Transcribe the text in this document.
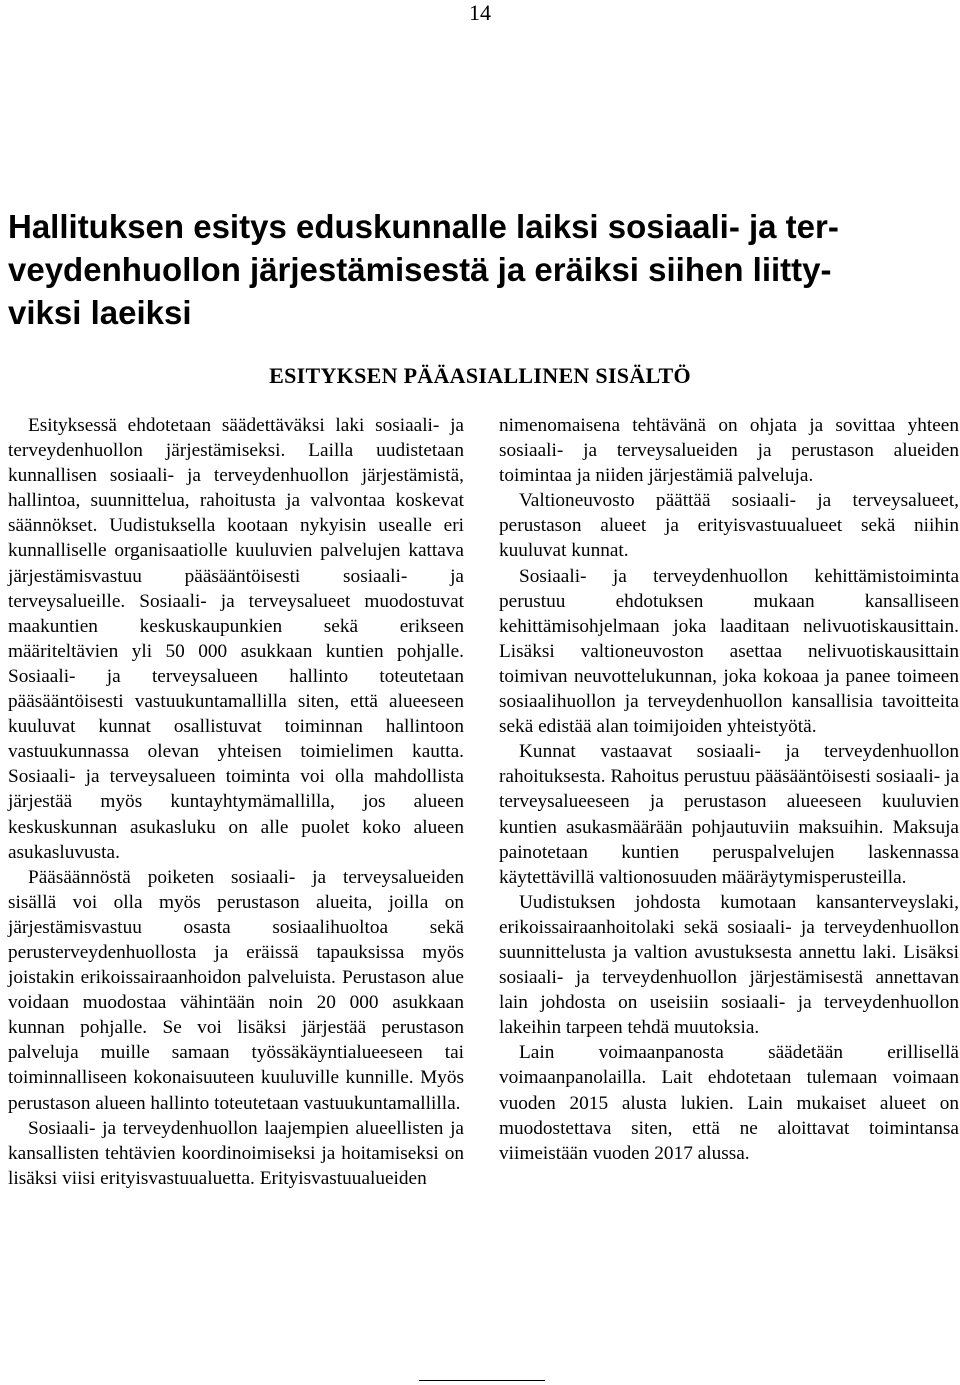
14
Hallituksen esitys eduskunnalle laiksi sosiaali- ja ter-
veydenhuollon järjestämisestä ja eräiksi siihen liitty-
viksi laeiksi
ESITYKSEN PÄÄASIALLINEN SISÄLTÖ

Esityksessä ehdotetaan säädettäväksi laki sosiaali- ja terveydenhuollon järjestämiseksi. Lailla uudistetaan kunnallisen sosiaali- ja terveydenhuollon järjestämistä, hallintoa, suunnittelua, rahoitusta ja valvontaa koskevat säännökset. Uudistuksella kootaan nykyisin usealle eri kunnalliselle organisaatiolle kuuluvien palvelujen kattava järjestämisvastuu pääsääntöisesti sosiaali- ja terveysalueille. Sosiaali- ja terveysalueet muodostuvat maakuntien keskuskaupunkien sekä erikseen määriteltävien yli 50 000 asukkaan kuntien pohjalle. Sosiaali- ja terveysalueen hallinto toteutetaan pääsääntöisesti vastuukuntamallilla siten, että alueeseen kuuluvat kunnat osallistuvat toiminnan hallintoon vastuukunnassa olevan yhteisen toimielimen kautta. Sosiaali- ja terveysalueen toiminta voi olla mahdollista järjestää myös kuntayhtymämallilla, jos alueen keskuskunnan asukasluku on alle puolet koko alueen asukasluvusta.

Pääsäännöstä poiketen sosiaali- ja terveysalueiden sisällä voi olla myös perustason alueita, joilla on järjestämisvastuu osasta sosiaalihuoltoa sekä perusterveydenhuollosta ja eräissä tapauksissa myös joistakin erikoissairaanhoidon palveluista. Perustason alue voidaan muodostaa vähintään noin 20 000 asukkaan kunnan pohjalle. Se voi lisäksi järjestää perustason palveluja muille samaan työssäkäyntialueeseen tai toiminnalliseen kokonaisuuteen kuuluville kunnille. Myös perustason alueen hallinto toteutetaan vastuukuntamallilla.

Sosiaali- ja terveydenhuollon laajempien alueellisten ja kansallisten tehtävien koordinoimiseksi ja hoitamiseksi on lisäksi viisi erityisvastuualuetta. Erityisvastuualueiden

nimenomaisena tehtävänä on ohjata ja sovittaa yhteen sosiaali- ja terveysalueiden ja perustason alueiden toimintaa ja niiden järjestämiä palveluja.

Valtioneuvosto päättää sosiaali- ja terveysalueet, perustason alueet ja erityisvastuualueet sekä niihin kuuluvat kunnat.

Sosiaali- ja terveydenhuollon kehittämistoiminta perustuu ehdotuksen mukaan kansalliseen kehittämisohjelmaan joka laaditaan nelivuotiskausittain. Lisäksi valtioneuvoston asettaa nelivuotiskausittain toimivan neuvottelukunnan, joka kokoaa ja panee toimeen sosiaalihuollon ja terveydenhuollon kansallisia tavoitteita sekä edistää alan toimijoiden yhteistyötä.

Kunnat vastaavat sosiaali- ja terveydenhuollon rahoituksesta. Rahoitus perustuu pääsääntöisesti sosiaali- ja terveysalueeseen ja perustason alueeseen kuuluvien kuntien asukasmäärään pohjautuviin maksuihin. Maksuja painotetaan kuntien peruspalvelujen laskennassa käytettävillä valtionosuuden määräytymisperusteilla.

Uudistuksen johdosta kumotaan kansanterveyslaki, erikoissairaanhoitolaki sekä sosiaali- ja terveydenhuollon suunnittelusta ja valtion avustuksesta annettu laki. Lisäksi sosiaali- ja terveydenhuollon järjestämisestä annettavan lain johdosta on useisiin sosiaali- ja terveydenhuollon lakeihin tarpeen tehdä muutoksia.

Lain voimaanpanosta säädetään erillisellä voimaanpanolailla. Lait ehdotetaan tulemaan voimaan vuoden 2015 alusta lukien. Lain mukaiset alueet on muodostettava siten, että ne aloittavat toimintansa viimeistään vuoden 2017 alussa.
